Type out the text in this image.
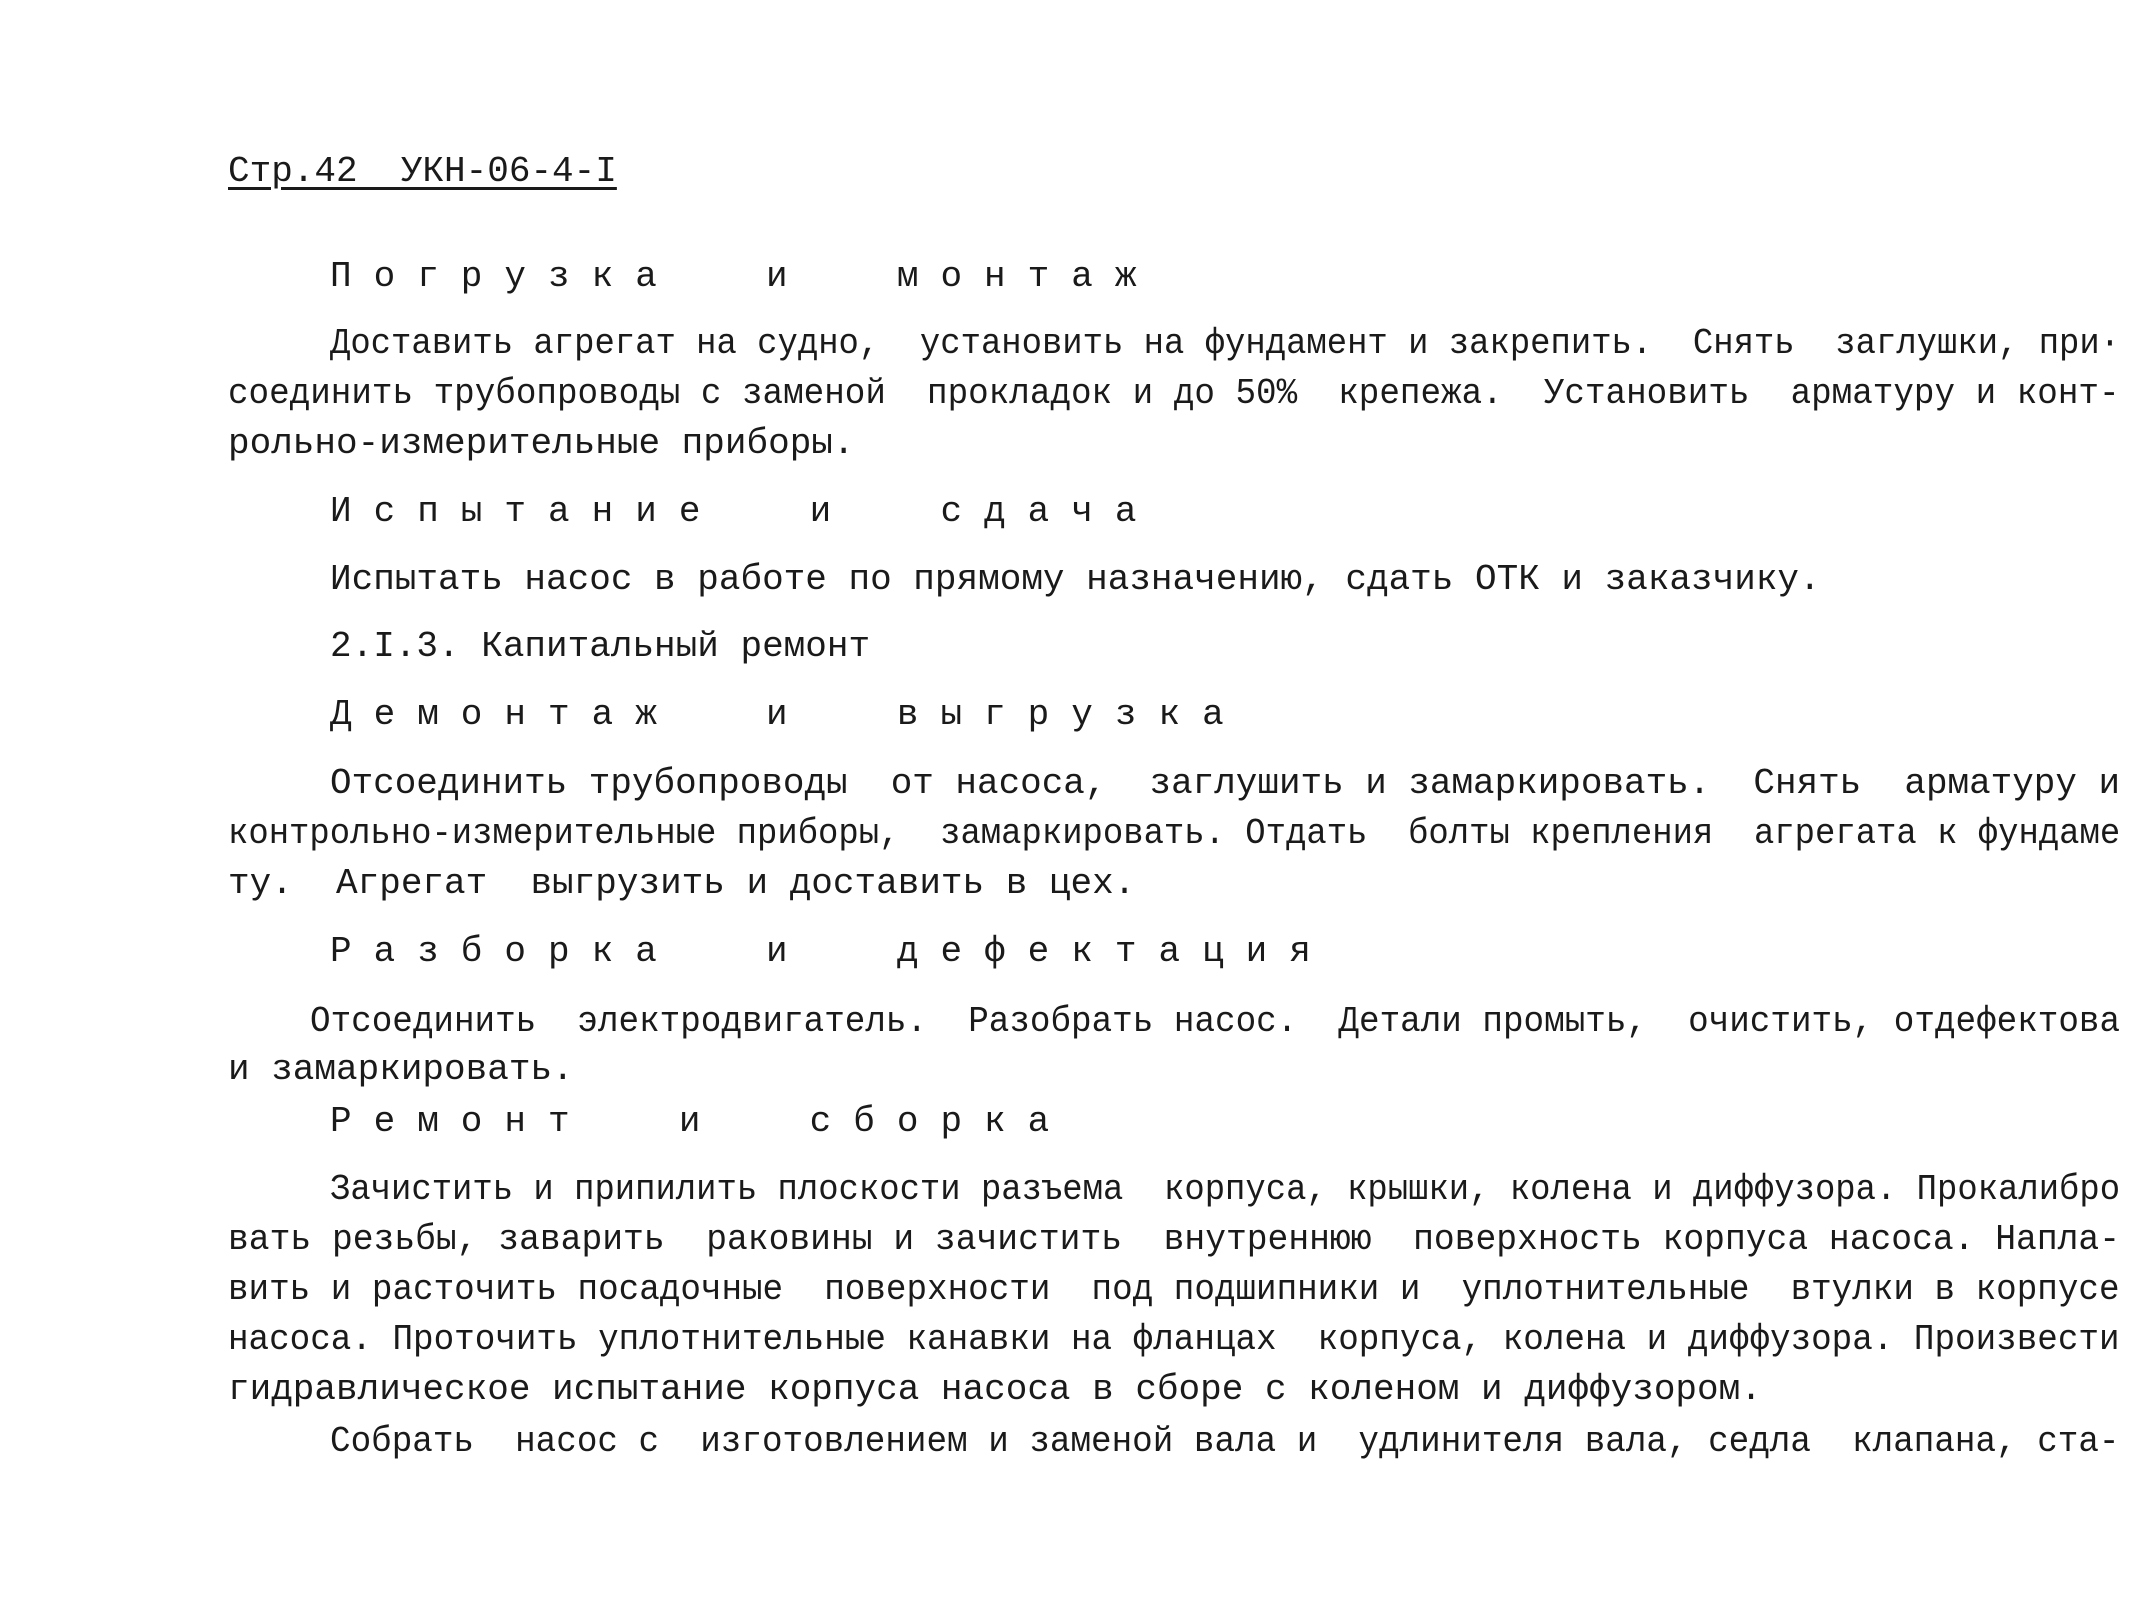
Стр.42  УКН-06-4-I
Погрузка  и  монтаж
Доставить агрегат на судно,  установить на фундамент и закрепить.  Снять  заглушки, при·
соединить трубопроводы с заменой  прокладок и до 50%  крепежа.  Установить  арматуру и конт-
рольно-измерительные приборы.
Испытание  и  сдача
Испытать насос в работе по прямому назначению, сдать ОТК и заказчику.
2.I.3. Капитальный ремонт
Демонтаж  и  выгрузка
Отсоединить трубопроводы  от насоса,  заглушить и замаркировать.  Снять  арматуру и
контрольно-измерительные приборы,  замаркировать. Отдать  болты крепления  агрегата к фундаме
ту.  Агрегат  выгрузить и доставить в цех.
Разборка  и  дефектация
Отсоединить  электродвигатель.  Разобрать насос.  Детали промыть,  очистить, отдефектова
и замаркировать.
Ремонт  и  сборка
Зачистить и припилить плоскости разъема  корпуса, крышки, колена и диффузора. Прокалибро
вать резьбы, заварить  раковины и зачистить  внутреннюю  поверхность корпуса насоса. Напла-
вить и расточить посадочные  поверхности  под подшипники и  уплотнительные  втулки в корпусе
насоса. Проточить уплотнительные канавки на фланцах  корпуса, колена и диффузора. Произвести
гидравлическое испытание корпуса насоса в сборе с коленом и диффузором.
Собрать  насос с  изготовлением и заменой вала и  удлинителя вала, седла  клапана, ста-
